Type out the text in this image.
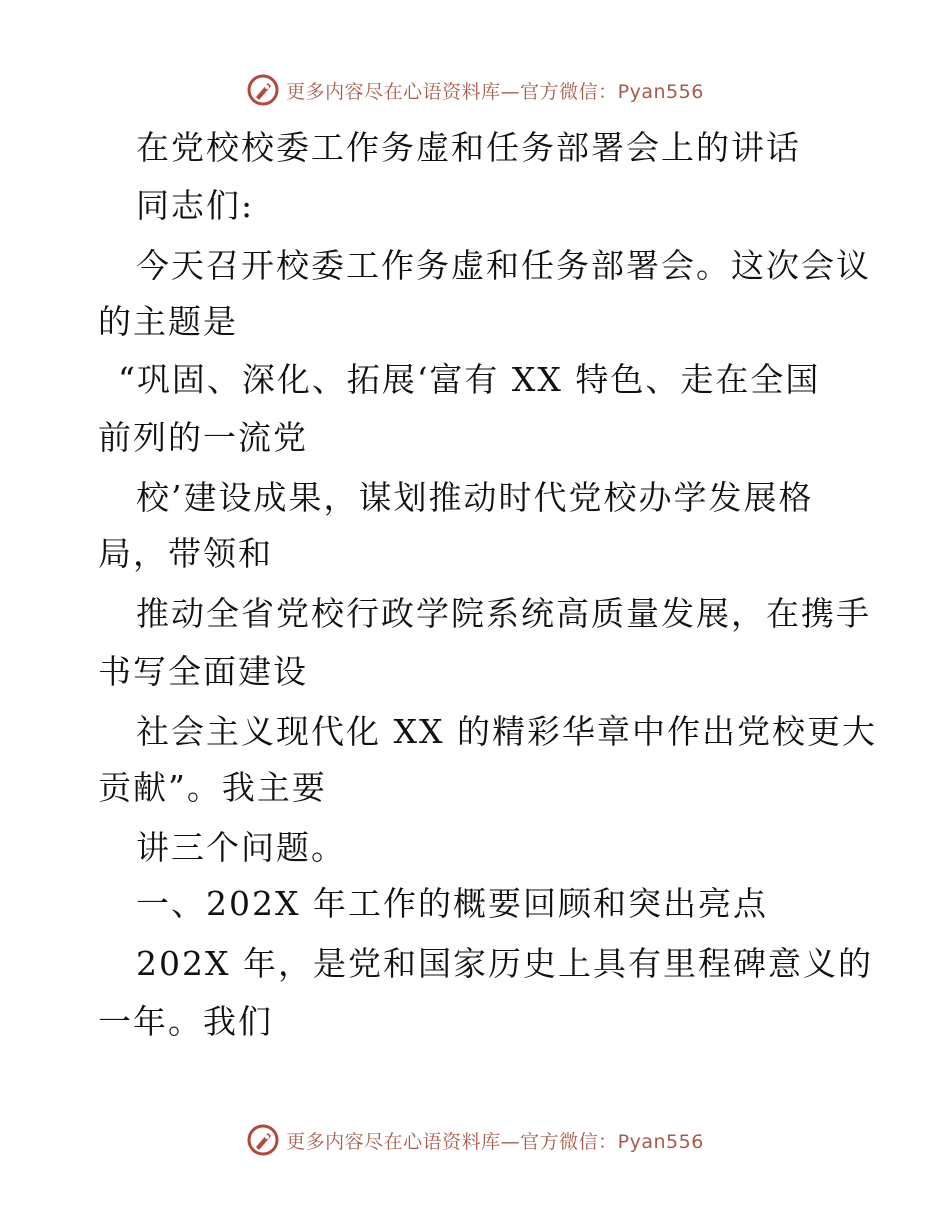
更多内容尽在心语资料库—官方微信：Pyan556
在党校校委工作务虚和任务部署会上的讲话
同志们:
今天召开校委工作务虚和任务部署会。这次会议
的主题是
“巩固、深化、拓展‘富有 XX 特色、走在全国
前列的一流党
校’建设成果，谋划推动时代党校办学发展格
局，带领和
推动全省党校行政学院系统高质量发展，在携手
书写全面建设
社会主义现代化 XX 的精彩华章中作出党校更大
贡献”。我主要
讲三个问题。
一、202X 年工作的概要回顾和突出亮点
202X 年，是党和国家历史上具有里程碑意义的
一年。我们
更多内容尽在心语资料库—官方微信：Pyan556
